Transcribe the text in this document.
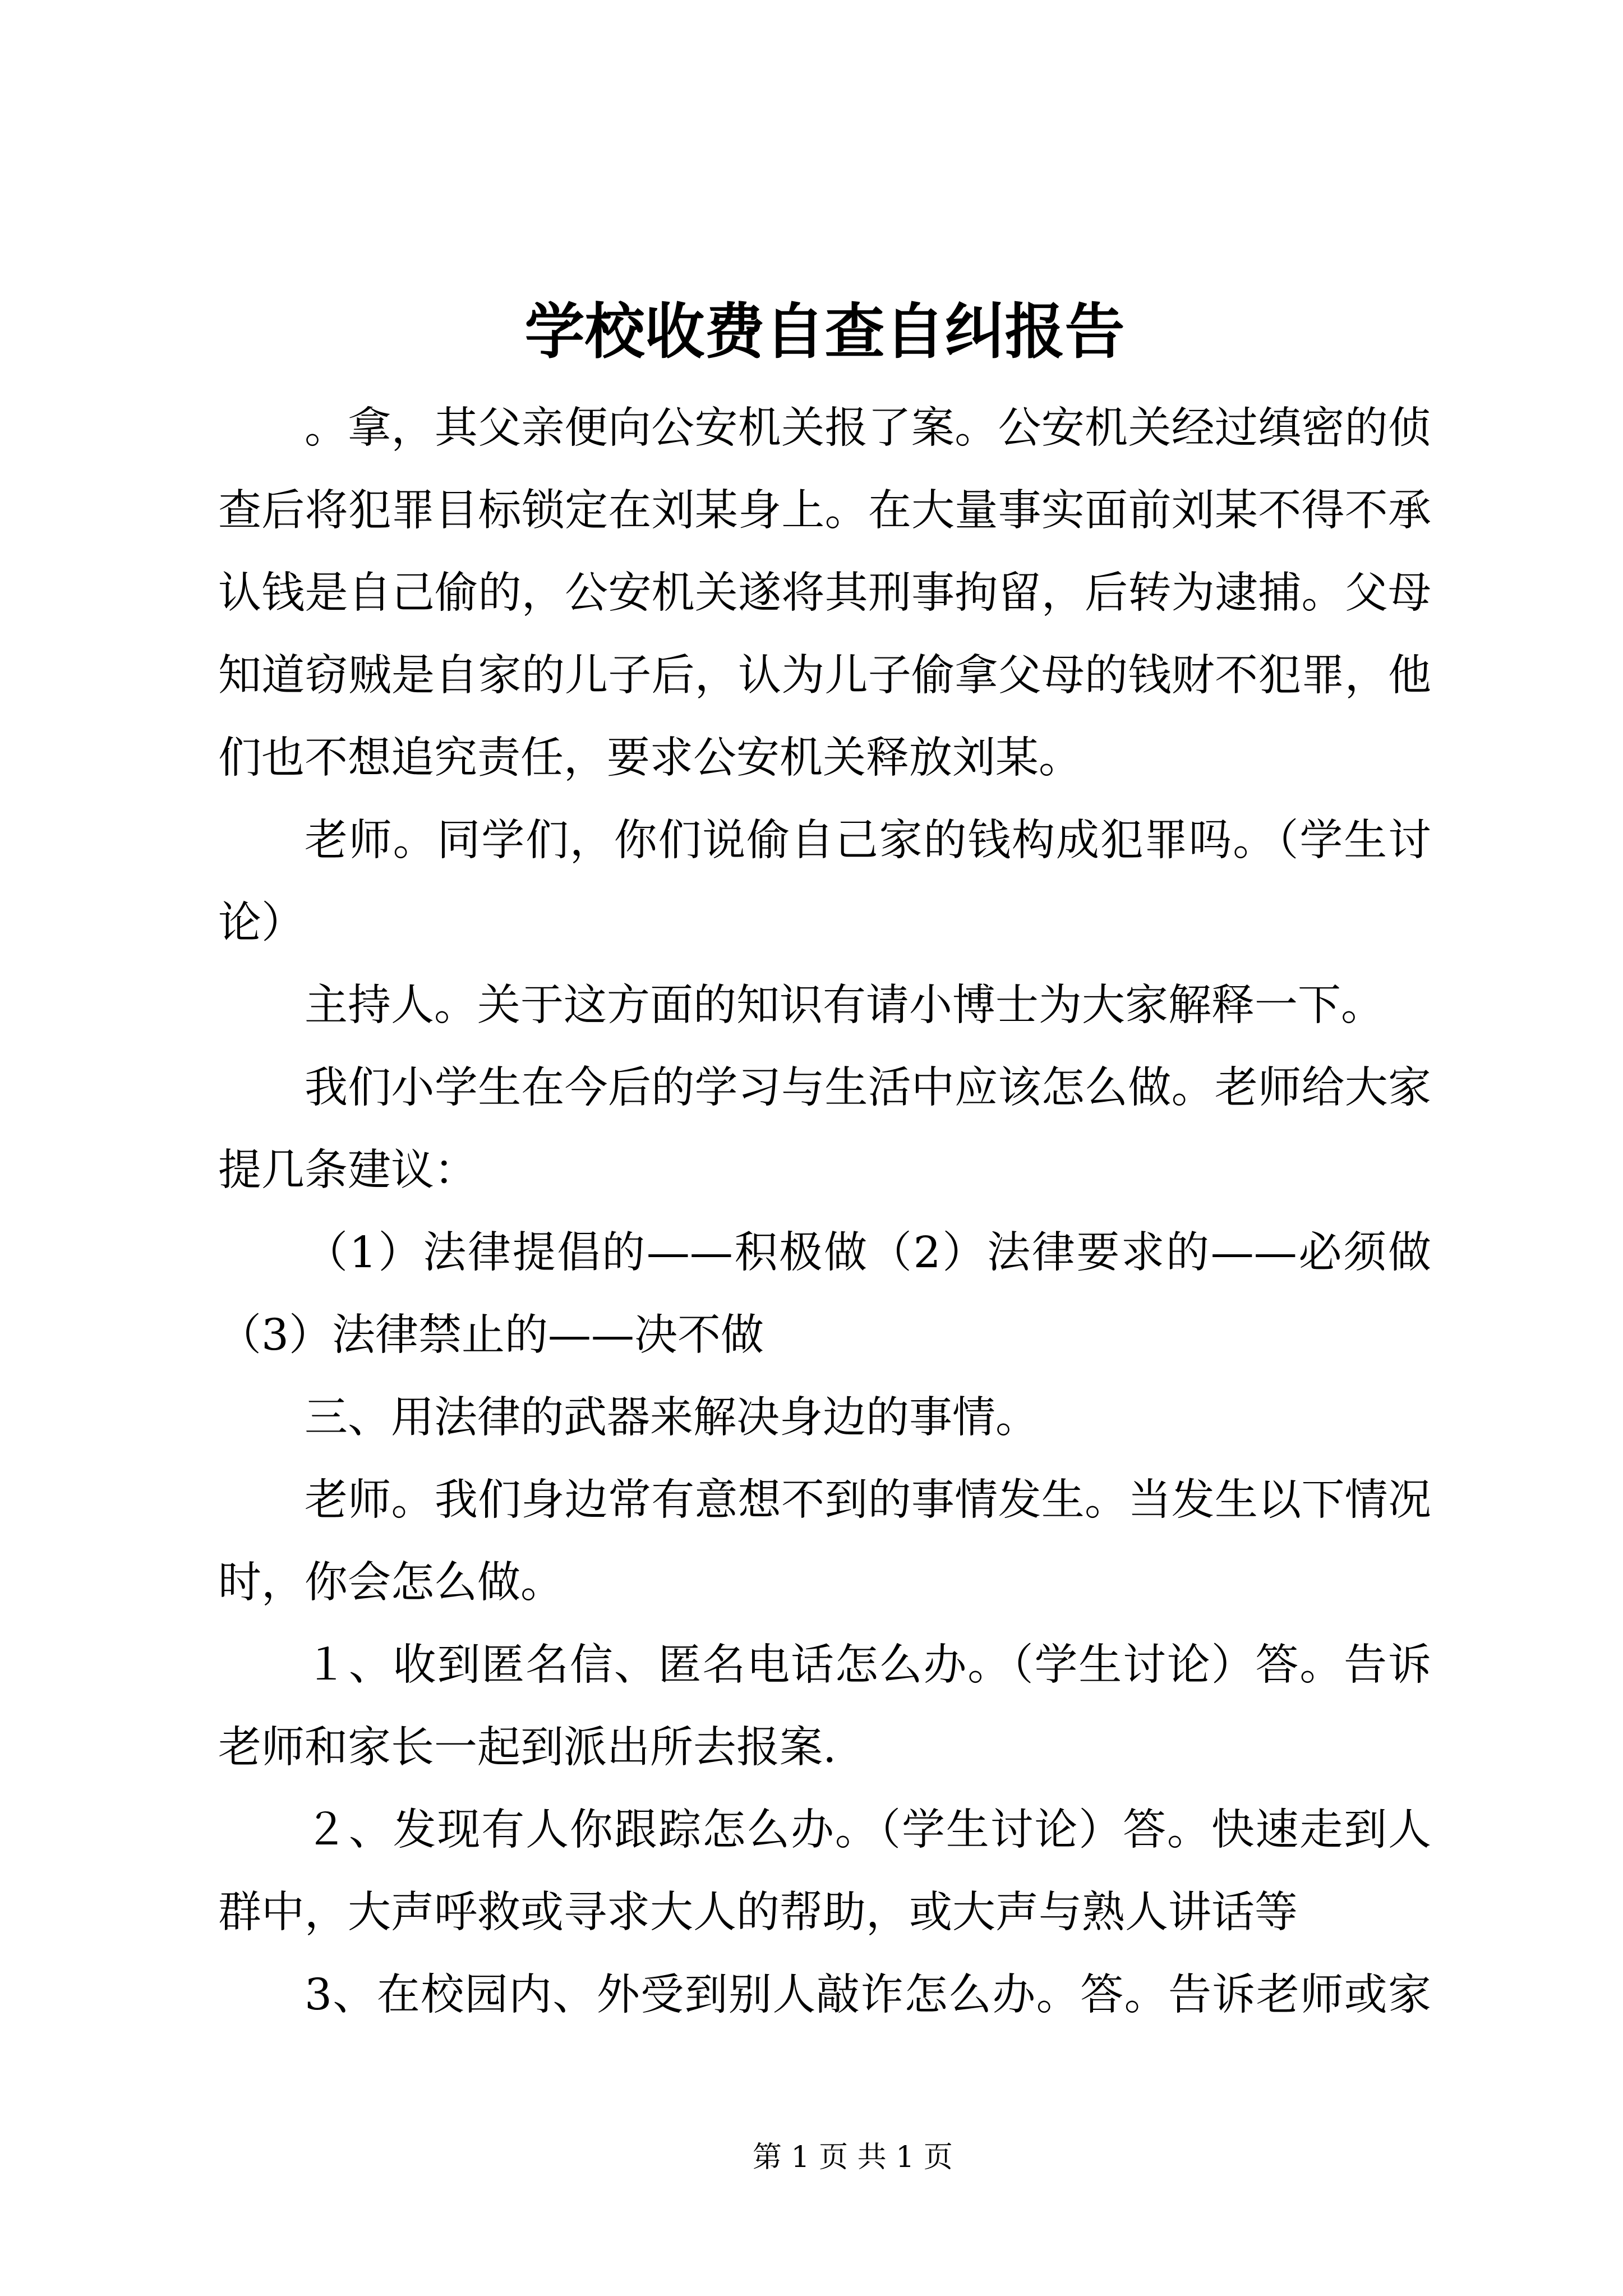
学校收费自查自纠报告
。拿，其父亲便向公安机关报了案。公安机关经过缜密的侦
查后将犯罪目标锁定在刘某身上。在大量事实面前刘某不得不承
认钱是自己偷的，公安机关遂将其刑事拘留，后转为逮捕。父母
知道窃贼是自家的儿子后，认为儿子偷拿父母的钱财不犯罪，他
们也不想追究责任，要求公安机关释放刘某。
老师。同学们，你们说偷自己家的钱构成犯罪吗。（学生讨
论）
主持人。关于这方面的知识有请小博士为大家解释一下。
我们小学生在今后的学习与生活中应该怎么做。老师给大家
提几条建议：
（1）法律提倡的——积极做（2）法律要求的——必须做
（3）法律禁止的——决不做
三、用法律的武器来解决身边的事情。
老师。我们身边常有意想不到的事情发生。当发生以下情况
时，你会怎么做。
１、收到匿名信、匿名电话怎么办。（学生讨论）答。告诉
老师和家长一起到派出所去报案.
２、发现有人你跟踪怎么办。（学生讨论）答。快速走到人
群中，大声呼救或寻求大人的帮助，或大声与熟人讲话等
3、在校园内、外受到别人敲诈怎么办。答。告诉老师或家
第 1 页 共 1 页
